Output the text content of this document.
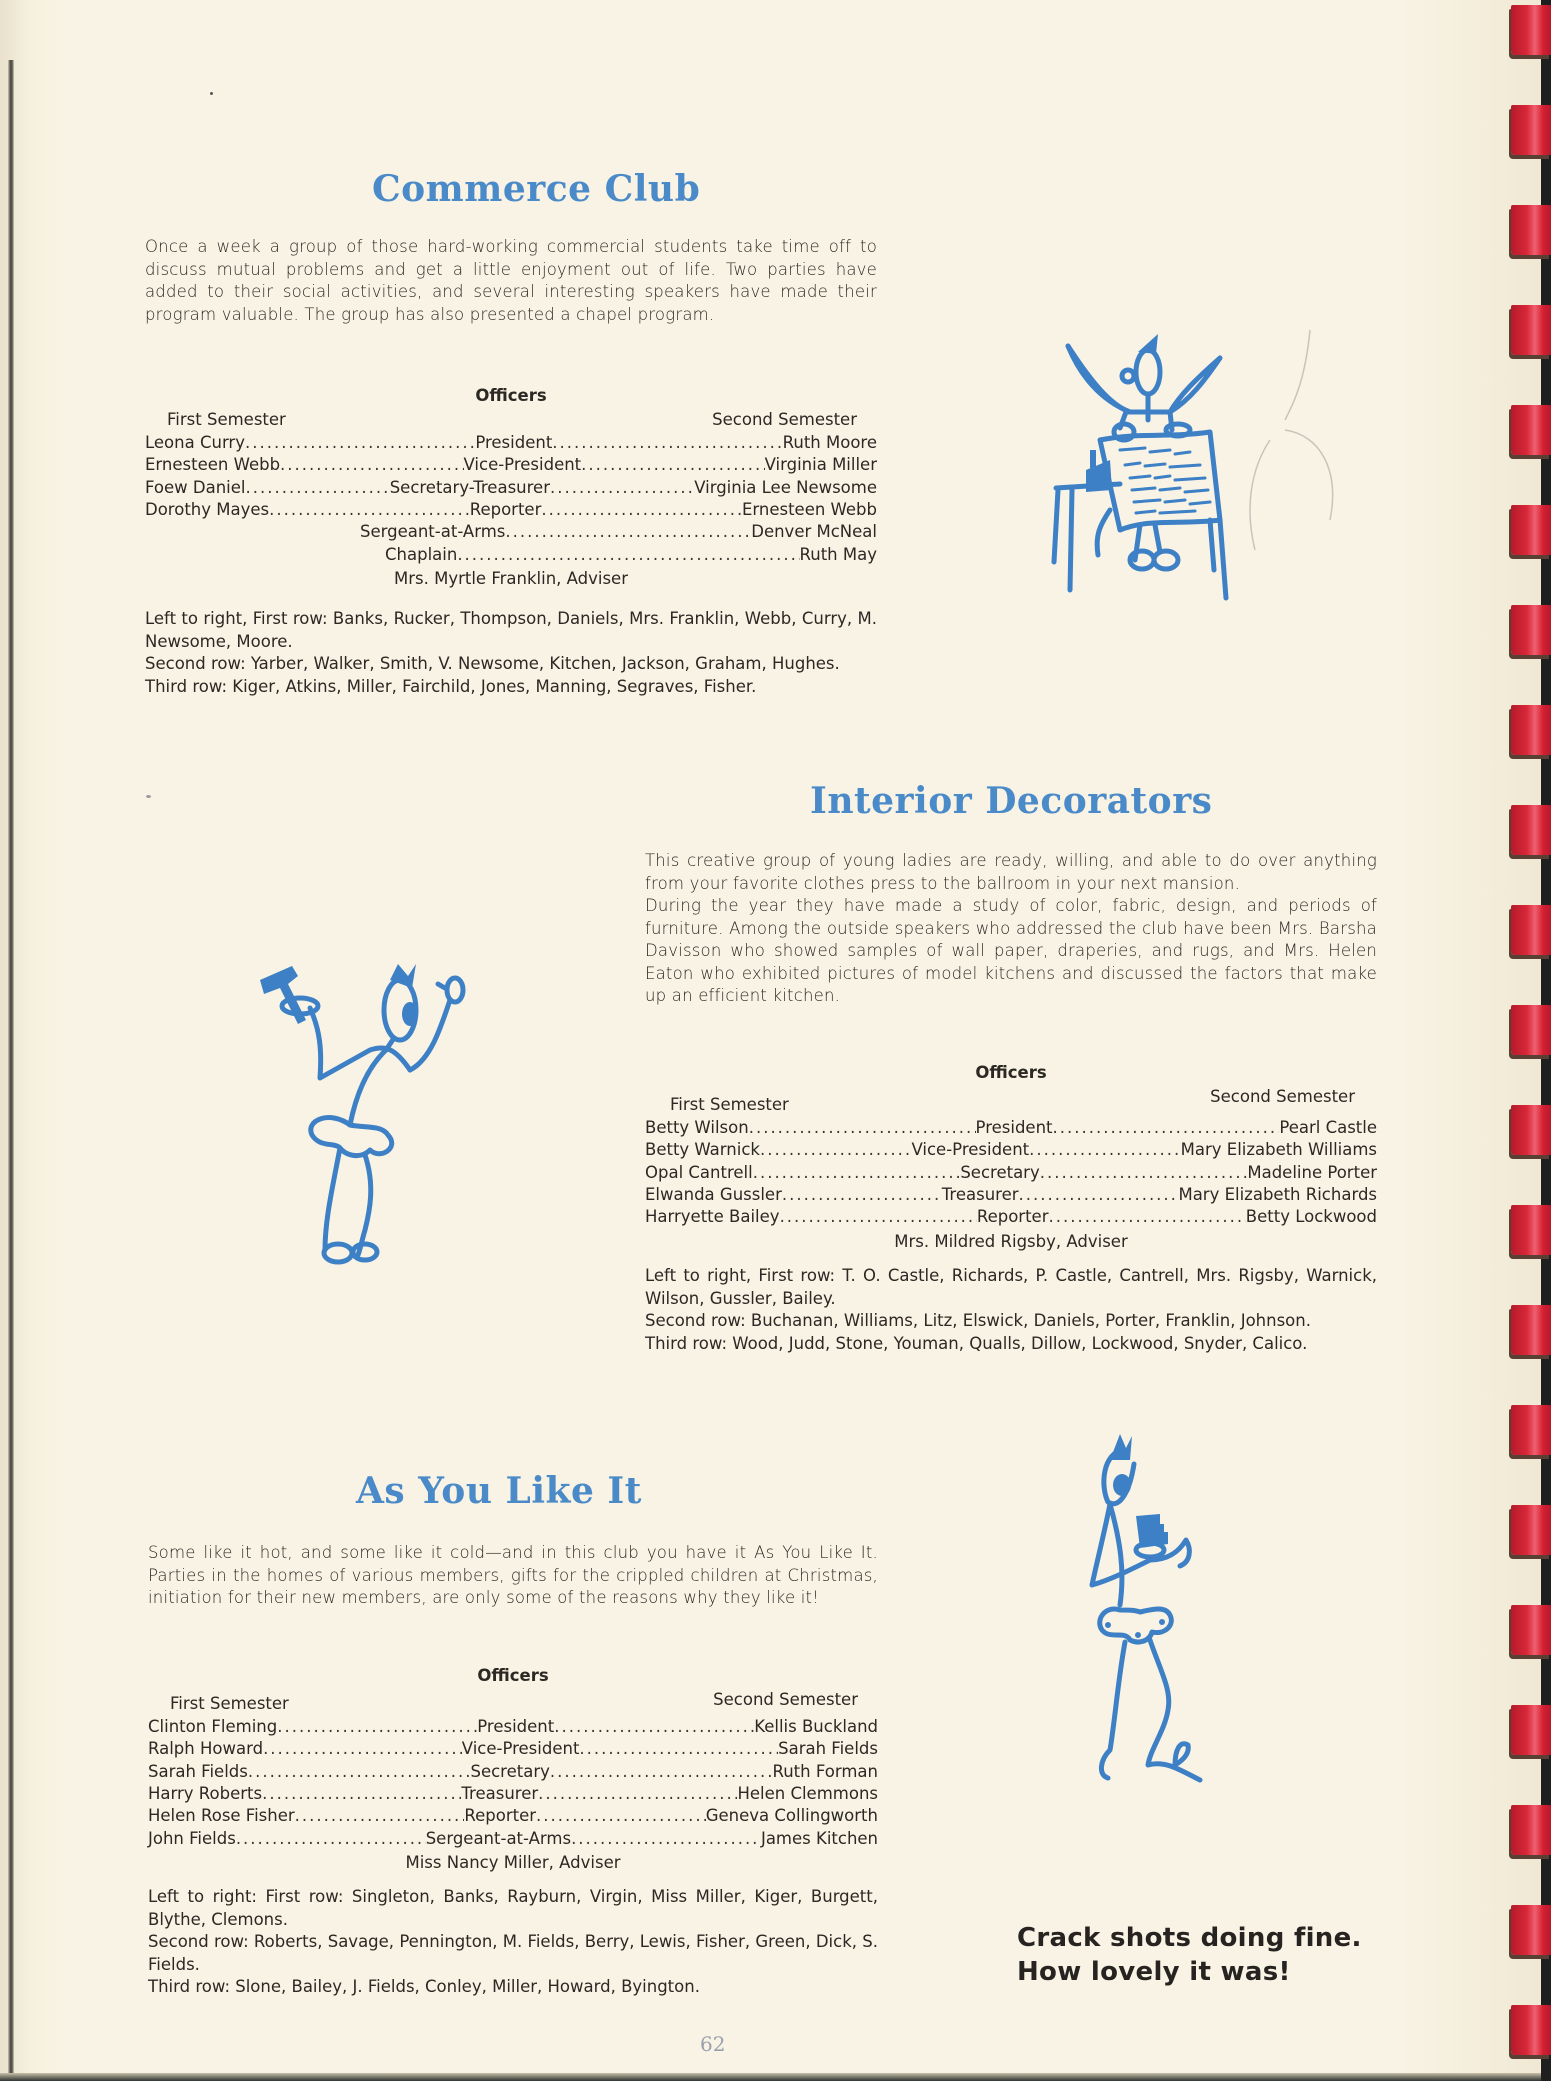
Commerce Club

Once a week a group of those hard-working commercial students take time off to discuss mutual problems and get a little enjoyment out of life. Two parties have added to their social activities, and several interesting speakers have made their program valuable. The group has also presented a chapel program.

Officers
First Semester	Second Semester
Leona Curry .....	President .....	Ruth Moore
Ernesteen Webb .....	Vice-President .....	Virginia Miller
Foew Daniel .....	Secretary-Treasurer .....	Virginia Lee Newsome
Dorothy Mayes .....	Reporter .....	Ernesteen Webb
Sergeant-at-Arms .....	Denver McNeal
Chaplain .....	Ruth May
Mrs. Myrtle Franklin, Adviser

Left to right, First row: Banks, Rucker, Thompson, Daniels, Mrs. Franklin, Webb, Curry, M. Newsome, Moore.

Second row: Yarber, Walker, Smith, V. Newsome, Kitchen, Jackson, Graham, Hughes.

Third row: Kiger, Atkins, Miller, Fairchild, Jones, Manning, Segraves, Fisher.

Interior Decorators

This creative group of young ladies are ready, willing, and able to do over anything from your favorite clothes press to the ballroom in your next mansion.

During the year they have made a study of color, fabric, design, and periods of furniture. Among the outside speakers who addressed the club have been Mrs. Barsha Davisson who showed samples of wall paper, draperies, and rugs, and Mrs. Helen Eaton who exhibited pictures of model kitchens and discussed the factors that make up an efficient kitchen.

Officers
First Semester	Second Semester
Betty Wilson .....	President .....	Pearl Castle
Betty Warnick .....	Vice-President .....	Mary Elizabeth Williams
Opal Cantrell .....	Secretary .....	Madeline Porter
Elwanda Gussler .....	Treasurer .....	Mary Elizabeth Richards
Harryette Bailey .....	Reporter .....	Betty Lockwood
Mrs. Mildred Rigsby, Adviser

Left to right, First row: T. O. Castle, Richards, P. Castle, Cantrell, Mrs. Rigsby, Warnick, Wilson, Gussler, Bailey.

Second row: Buchanan, Williams, Litz, Elswick, Daniels, Porter, Franklin, Johnson.

Third row: Wood, Judd, Stone, Youman, Qualls, Dillow, Lockwood, Snyder, Calico.

As You Like It

Some like it hot, and some like it cold—and in this club you have it As You Like It. Parties in the homes of various members, gifts for the crippled children at Christmas, initiation for their new members, are only some of the reasons why they like it!

Officers
First Semester	Second Semester
Clinton Fleming .....	President .....	Kellis Buckland
Ralph Howard .....	Vice-President .....	Sarah Fields
Sarah Fields .....	Secretary .....	Ruth Forman
Harry Roberts .....	Treasurer .....	Helen Clemmons
Helen Rose Fisher .....	Reporter .....	Geneva Collingworth
John Fields .....	Sergeant-at-Arms .....	James Kitchen
Miss Nancy Miller, Adviser

Left to right: First row: Singleton, Banks, Rayburn, Virgin, Miss Miller, Kiger, Burgett, Blythe, Clemons.

Second row: Roberts, Savage, Pennington, M. Fields, Berry, Lewis, Fisher, Green, Dick, S. Fields.

Third row: Slone, Bailey, J. Fields, Conley, Miller, Howard, Byington.

Crack shots doing fine.
How lovely it was!
62
